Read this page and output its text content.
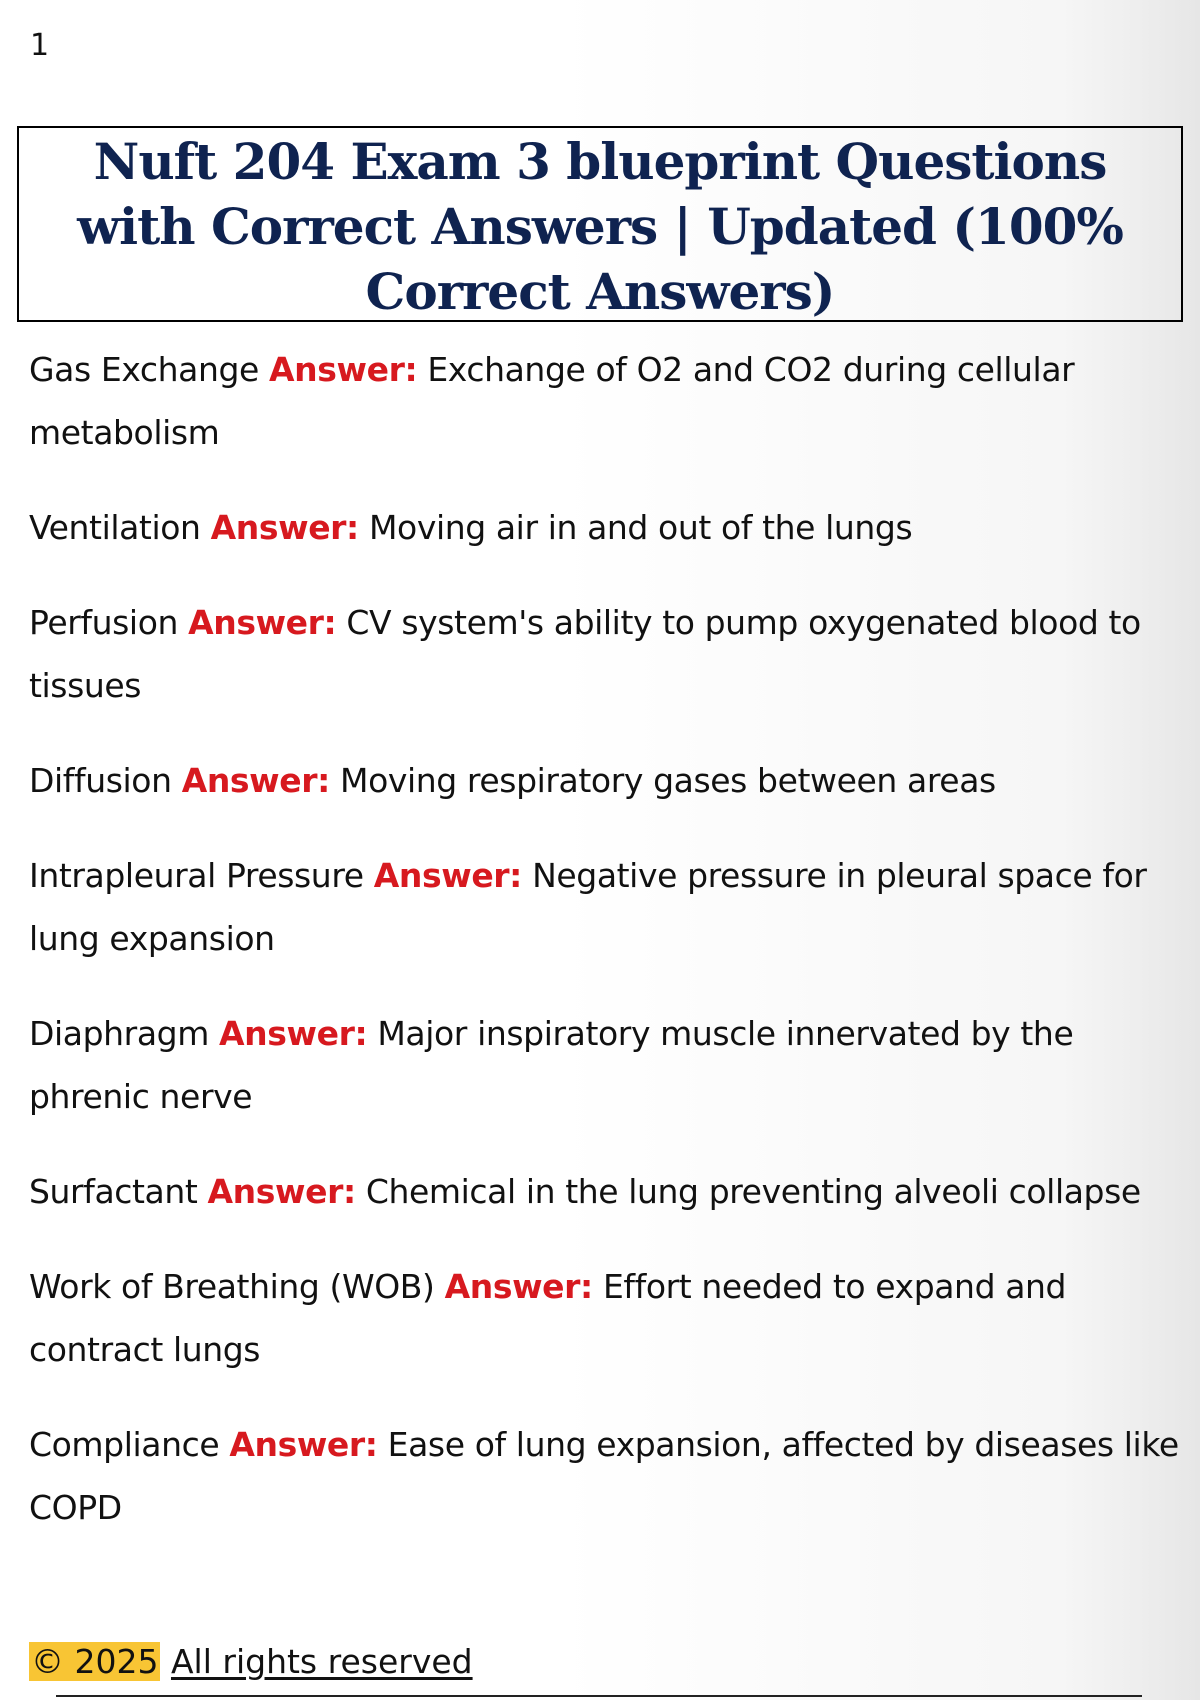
1
Nuft 204 Exam 3 blueprint Questions with Correct Answers | Updated (100% Correct Answers)
Gas Exchange Answer: Exchange of O2 and CO2 during cellular metabolism
Ventilation Answer: Moving air in and out of the lungs
Perfusion Answer: CV system's ability to pump oxygenated blood to tissues
Diffusion Answer: Moving respiratory gases between areas
Intrapleural Pressure Answer: Negative pressure in pleural space for lung expansion
Diaphragm Answer: Major inspiratory muscle innervated by the phrenic nerve
Surfactant Answer: Chemical in the lung preventing alveoli collapse
Work of Breathing (WOB) Answer: Effort needed to expand and contract lungs
Compliance Answer: Ease of lung expansion, affected by diseases like COPD
© 2025 All rights reserved
